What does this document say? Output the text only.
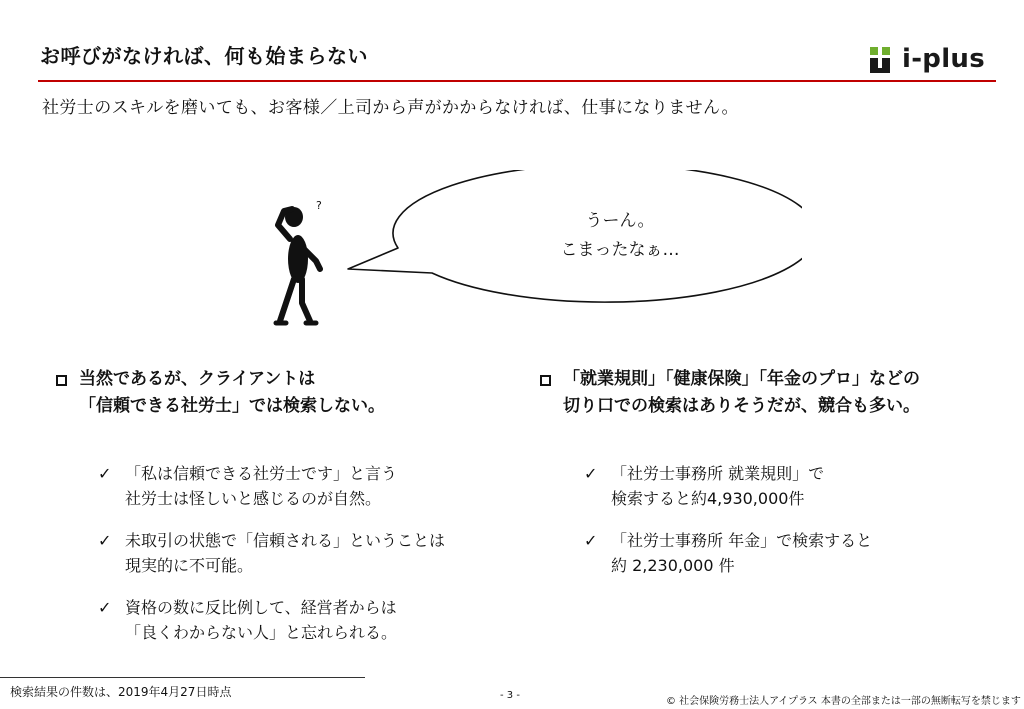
お呼びがなければ、何も始まらない	i-plus
社労士のスキルを磨いても、お客様／上司から声がかからなければ、仕事になりません。
?
うーん。
こまったなぁ…
当然であるが、クライアントは
「信頼できる社労士」では検索しない。
✓ 「私は信頼できる社労士です」と言う
社労士は怪しいと感じるのが自然。
✓ 未取引の状態で「信頼される」ということは
現実的に不可能。
✓ 資格の数に反比例して、経営者からは
「良くわからない人」と忘れられる。
「就業規則」「健康保険」「年金のプロ」などの
切り口での検索はありそうだが、競合も多い。
✓ 「社労士事務所 就業規則」で
検索すると約4,930,000件
✓ 「社労士事務所 年金」で検索すると
約 2,230,000 件
検索結果の件数は、2019年4月27日時点	- 3 -
© 社会保険労務士法人アイプラス 本書の全部または一部の無断転写を禁じます
